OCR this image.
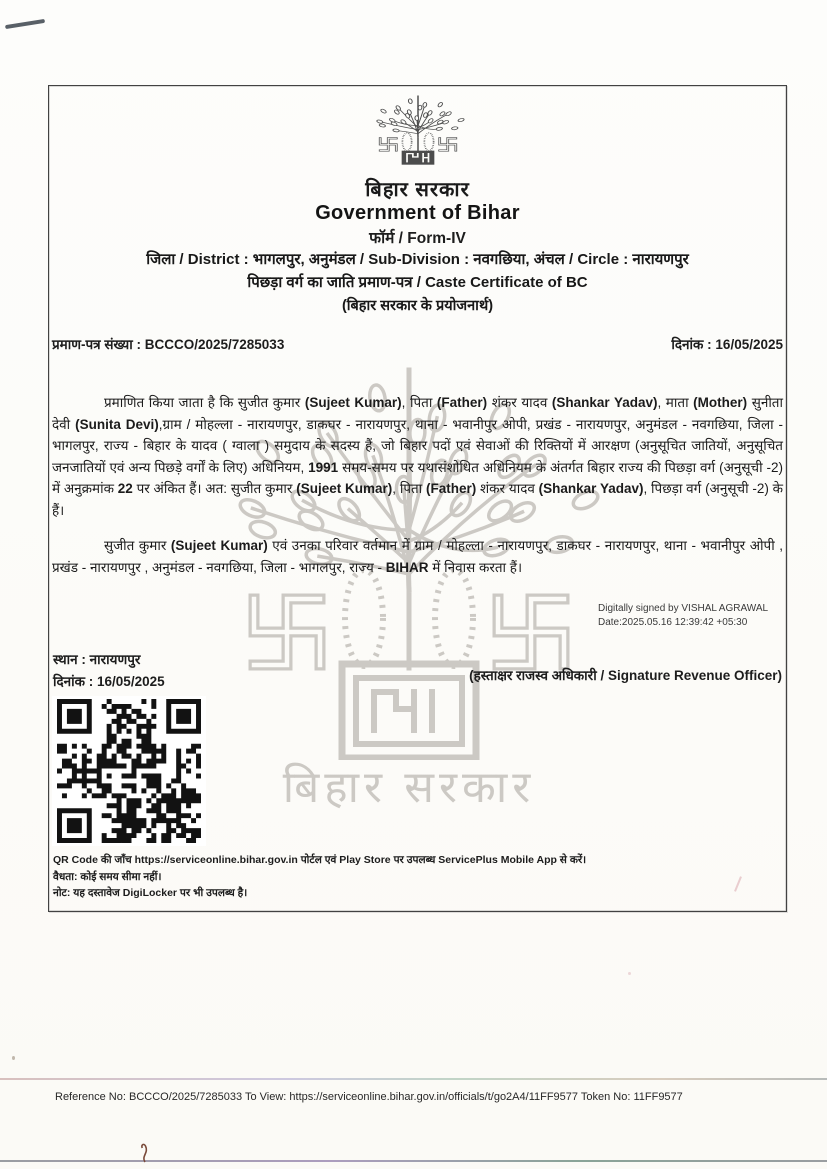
बिहार सरकार
बिहार सरकार
Government of Bihar
फॉर्म / Form-IV
जिला / District : भागलपुर, अनुमंडल / Sub-Division : नवगछिया, अंचल / Circle : नारायणपुर
पिछड़ा वर्ग का जाति प्रमाण-पत्र / Caste Certificate of BC
(बिहार सरकार के प्रयोजनार्थ)
प्रमाण-पत्र संख्या : BCCCO/2025/7285033	दिनांक : 16/05/2025

प्रमाणित किया जाता है कि सुजीत कुमार (Sujeet Kumar), पिता (Father) शंकर यादव (Shankar Yadav), माता (Mother) सुनीता देवी (Sunita Devi),ग्राम / मोहल्ला - नारायणपुर, डाकघर - नारायणपुर, थाना - भवानीपुर ओपी, प्रखंड - नारायणपुर, अनुमंडल - नवगछिया, जिला - भागलपुर, राज्य - बिहार के यादव ( ग्वाला ) समुदाय के सदस्य हैं, जो बिहार पदों एवं सेवाओं की रिक्तियों में आरक्षण (अनुसूचित जातियों, अनुसूचित जनजातियों एवं अन्य पिछड़े वर्गों के लिए) अधिनियम, 1991 समय-समय पर यथासंशोधित अधिनियम के अंतर्गत बिहार राज्य की पिछड़ा वर्ग (अनुसूची -2) में अनुक्रमांक 22 पर अंकित हैं। अत: सुजीत कुमार (Sujeet Kumar), पिता (Father) शंकर यादव (Shankar Yadav), पिछड़ा वर्ग (अनुसूची -2) के हैं।

सुजीत कुमार (Sujeet Kumar) एवं उनका परिवार वर्तमान में ग्राम / मोहल्ला - नारायणपुर, डाकघर - नारायणपुर, थाना - भवानीपुर ओपी , प्रखंड - नारायणपुर , अनुमंडल - नवगछिया, जिला - भागलपुर, राज्य - BIHAR में निवास करता हैं।

Digitally signed by VISHAL AGRAWAL
Date:2025.05.16 12:39:42 +05:30
स्थान : नारायणपुर
दिनांक : 16/05/2025	(हस्ताक्षर राजस्व अधिकारी / Signature Revenue Officer)
QR Code की जाँच https://serviceonline.bihar.gov.in पोर्टल एवं Play Store पर उपलब्ध ServicePlus Mobile App से करें।
वैधता: कोई समय सीमा नहीं।
नोट: यह दस्तावेज DigiLocker पर भी उपलब्ध है।

Reference No: BCCCO/2025/7285033 To View: https://serviceonline.bihar.gov.in/officials/t/go2A4/11FF9577 Token No: 11FF9577
